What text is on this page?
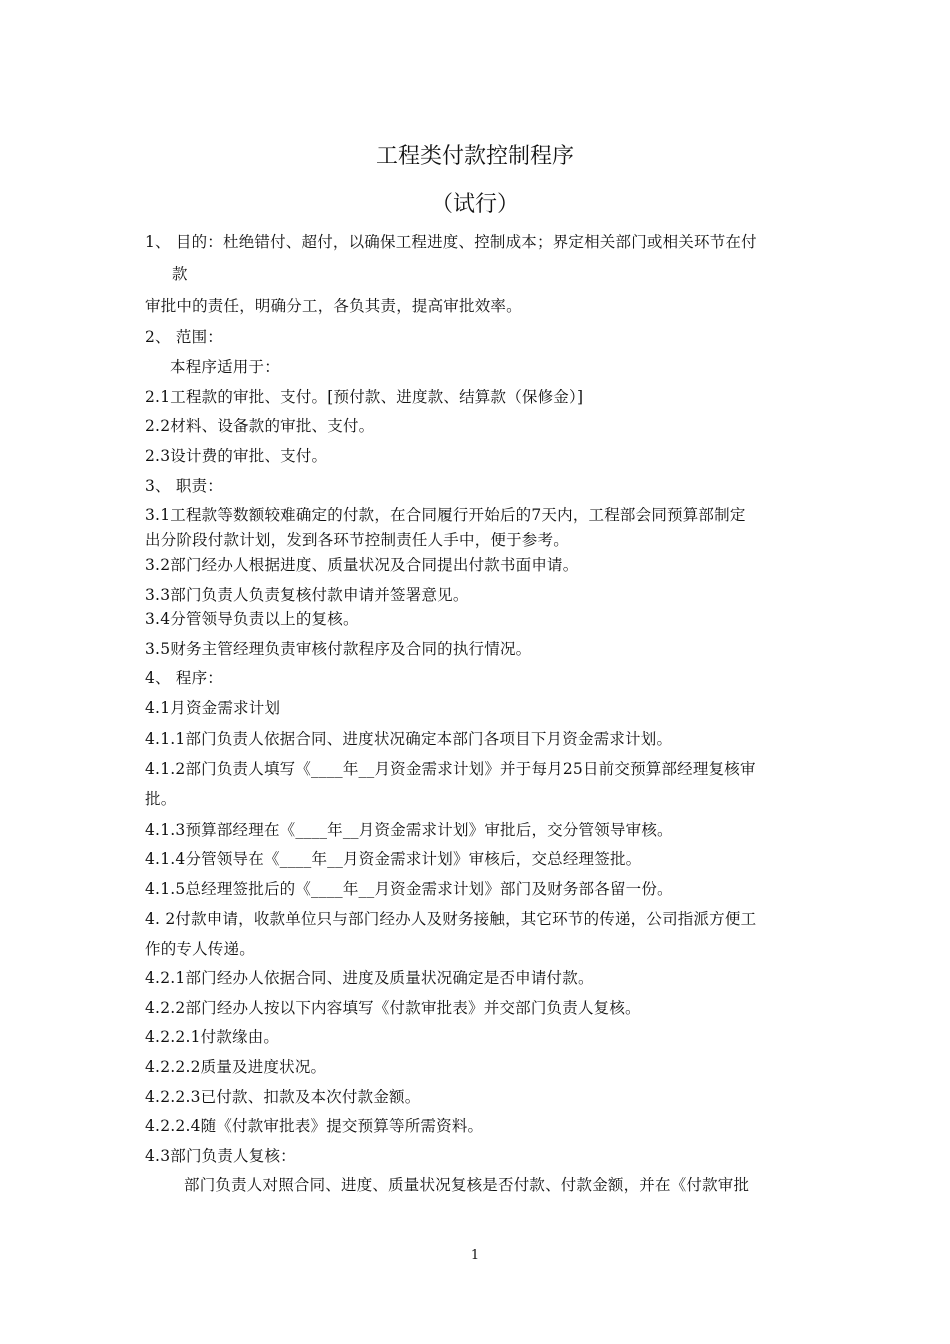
工程类付款控制程序
（试行）
1、 目的：杜绝错付、超付，以确保工程进度、控制成本；界定相关部门或相关环节在付
款
审批中的责任，明确分工，各负其责，提高审批效率。
2、 范围：
本程序适用于：
2.1工程款的审批、支付。[预付款、进度款、结算款（保修金）]
2.2材料、设备款的审批、支付。
2.3设计费的审批、支付。
3、 职责：
3.1工程款等数额较难确定的付款，在合同履行开始后的7天内，工程部会同预算部制定
出分阶段付款计划，发到各环节控制责任人手中，便于参考。
3.2部门经办人根据进度、质量状况及合同提出付款书面申请。
3.3部门负责人负责复核付款申请并签署意见。
3.4分管领导负责以上的复核。
3.5财务主管经理负责审核付款程序及合同的执行情况。
4、 程序：
4.1月资金需求计划
4.1.1部门负责人依据合同、进度状况确定本部门各项目下月资金需求计划。
4.1.2部门负责人填写《____年__月资金需求计划》并于每月25日前交预算部经理复核审
批。
4.1.3预算部经理在《____年__月资金需求计划》审批后，交分管领导审核。
4.1.4分管领导在《____年__月资金需求计划》审核后，交总经理签批。
4.1.5总经理签批后的《____年__月资金需求计划》部门及财务部各留一份。
4. 2付款申请，收款单位只与部门经办人及财务接触，其它环节的传递，公司指派方便工
作的专人传递。
4.2.1部门经办人依据合同、进度及质量状况确定是否申请付款。
4.2.2部门经办人按以下内容填写《付款审批表》并交部门负责人复核。
4.2.2.1付款缘由。
4.2.2.2质量及进度状况。
4.2.2.3已付款、扣款及本次付款金额。
4.2.2.4随《付款审批表》提交预算等所需资料。
4.3部门负责人复核：
部门负责人对照合同、进度、质量状况复核是否付款、付款金额，并在《付款审批
1
